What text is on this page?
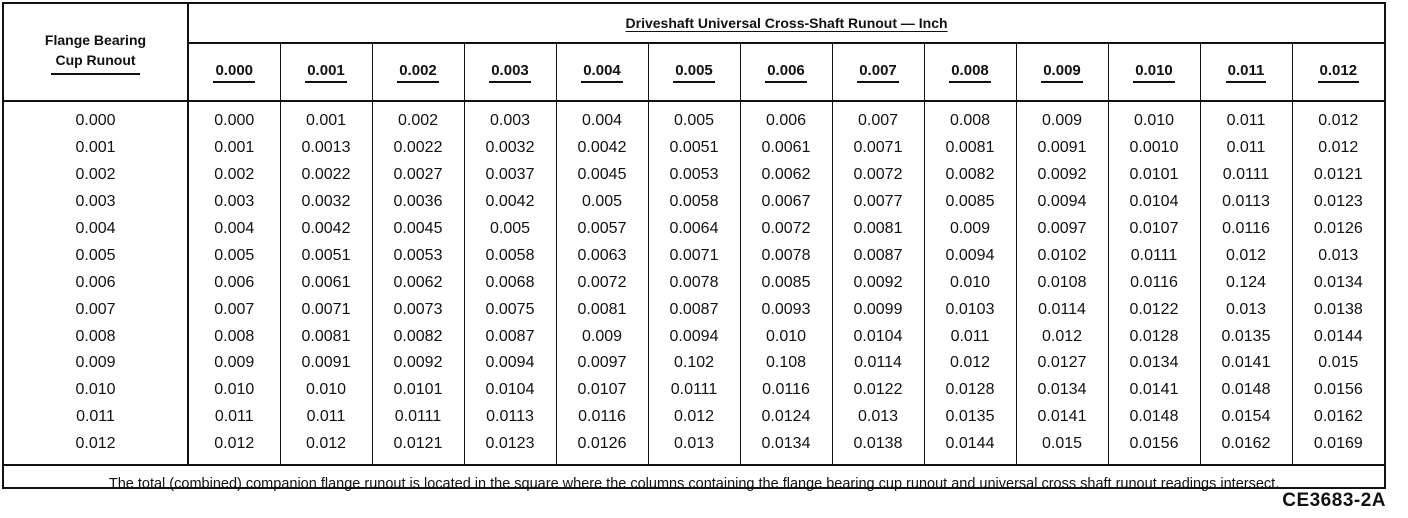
Flange Bearing
Cup Runout	Driveshaft Universal Cross-Shaft Runout — Inch												
	0.000	0.001	0.002	0.003	0.004	0.005	0.006	0.007	0.008	0.009	0.010	0.011	0.012
0.000	0.000	0.001	0.002	0.003	0.004	0.005	0.006	0.007	0.008	0.009	0.010	0.011	0.012
0.001	0.001	0.0013	0.0022	0.0032	0.0042	0.0051	0.0061	0.0071	0.0081	0.0091	0.0010	0.011	0.012
0.002	0.002	0.0022	0.0027	0.0037	0.0045	0.0053	0.0062	0.0072	0.0082	0.0092	0.0101	0.0111	0.0121
0.003	0.003	0.0032	0.0036	0.0042	0.005	0.0058	0.0067	0.0077	0.0085	0.0094	0.0104	0.0113	0.0123
0.004	0.004	0.0042	0.0045	0.005	0.0057	0.0064	0.0072	0.0081	0.009	0.0097	0.0107	0.0116	0.0126
0.005	0.005	0.0051	0.0053	0.0058	0.0063	0.0071	0.0078	0.0087	0.0094	0.0102	0.0111	0.012	0.013
0.006	0.006	0.0061	0.0062	0.0068	0.0072	0.0078	0.0085	0.0092	0.010	0.0108	0.0116	0.124	0.0134
0.007	0.007	0.0071	0.0073	0.0075	0.0081	0.0087	0.0093	0.0099	0.0103	0.0114	0.0122	0.013	0.0138
0.008	0.008	0.0081	0.0082	0.0087	0.009	0.0094	0.010	0.0104	0.011	0.012	0.0128	0.0135	0.0144
0.009	0.009	0.0091	0.0092	0.0094	0.0097	0.102	0.108	0.0114	0.012	0.0127	0.0134	0.0141	0.015
0.010	0.010	0.010	0.0101	0.0104	0.0107	0.0111	0.0116	0.0122	0.0128	0.0134	0.0141	0.0148	0.0156
0.011	0.011	0.011	0.0111	0.0113	0.0116	0.012	0.0124	0.013	0.0135	0.0141	0.0148	0.0154	0.0162
0.012	0.012	0.012	0.0121	0.0123	0.0126	0.013	0.0134	0.0138	0.0144	0.015	0.0156	0.0162	0.0169
The total (combined) companion flange runout is located in the square where the columns containing the flange bearing cup runout and universal cross shaft runout readings intersect.													
CE3683-2A
